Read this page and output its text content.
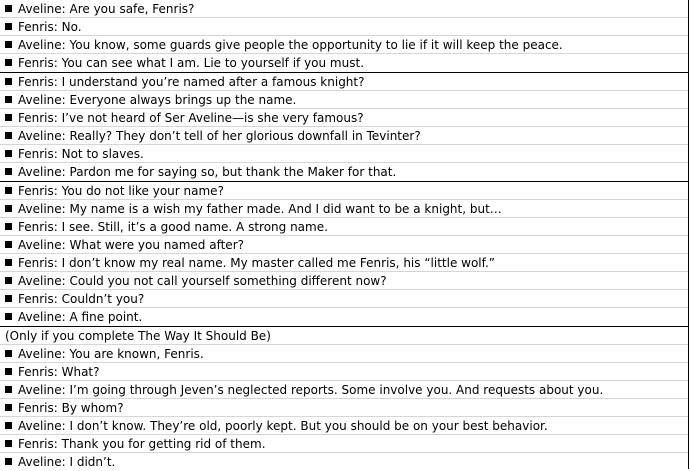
Aveline: Are you safe, Fenris?
Fenris: No.
Aveline: You know, some guards give people the opportunity to lie if it will keep the peace.
Fenris: You can see what I am. Lie to yourself if you must.
Fenris: I understand you’re named after a famous knight?
Aveline: Everyone always brings up the name.
Fenris: I’ve not heard of Ser Aveline—is she very famous?
Aveline: Really? They don’t tell of her glorious downfall in Tevinter?
Fenris: Not to slaves.
Aveline: Pardon me for saying so, but thank the Maker for that.
Fenris: You do not like your name?
Aveline: My name is a wish my father made. And I did want to be a knight, but…
Fenris: I see. Still, it’s a good name. A strong name.
Aveline: What were you named after?
Fenris: I don’t know my real name. My master called me Fenris, his “little wolf.”
Aveline: Could you not call yourself something different now?
Fenris: Couldn’t you?
Aveline: A fine point.
(Only if you complete The Way It Should Be)
Aveline: You are known, Fenris.
Fenris: What?
Aveline: I’m going through Jeven’s neglected reports. Some involve you. And requests about you.
Fenris: By whom?
Aveline: I don’t know. They’re old, poorly kept. But you should be on your best behavior.
Fenris: Thank you for getting rid of them.
Aveline: I didn’t.
